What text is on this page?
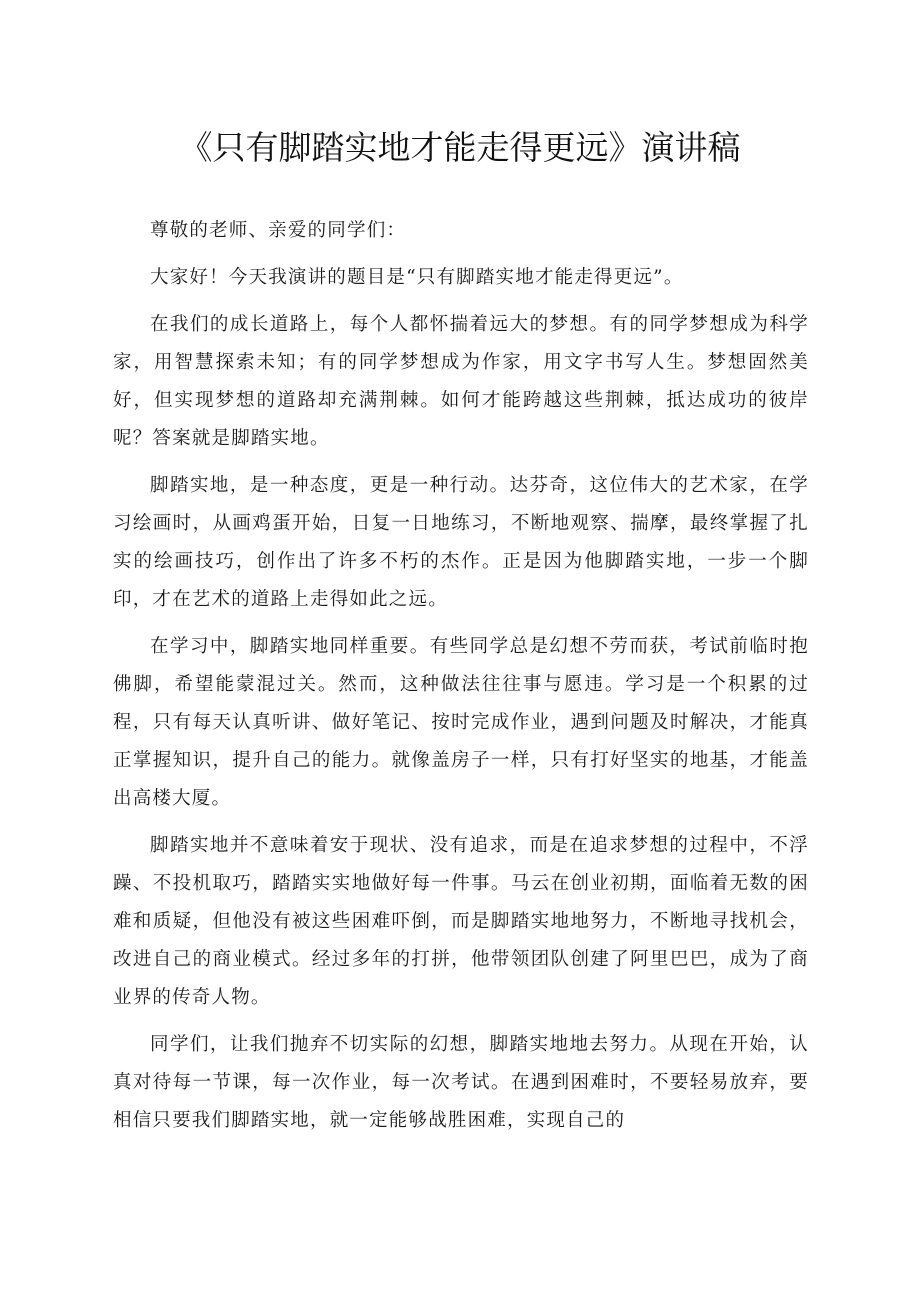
《只有脚踏实地才能走得更远》演讲稿

尊敬的老师、亲爱的同学们：

大家好！今天我演讲的题目是“只有脚踏实地才能走得更远”。

在我们的成长道路上，每个人都怀揣着远大的梦想。有的同学梦想成为科学家，用智慧探索未知；有的同学梦想成为作家，用文字书写人生。梦想固然美好，但实现梦想的道路却充满荆棘。如何才能跨越这些荆棘，抵达成功的彼岸呢？答案就是脚踏实地。

脚踏实地，是一种态度，更是一种行动。达芬奇，这位伟大的艺术家，在学习绘画时，从画鸡蛋开始，日复一日地练习，不断地观察、揣摩，最终掌握了扎实的绘画技巧，创作出了许多不朽的杰作。正是因为他脚踏实地，一步一个脚印，才在艺术的道路上走得如此之远。

在学习中，脚踏实地同样重要。有些同学总是幻想不劳而获，考试前临时抱佛脚，希望能蒙混过关。然而，这种做法往往事与愿违。学习是一个积累的过程，只有每天认真听讲、做好笔记、按时完成作业，遇到问题及时解决，才能真正掌握知识，提升自己的能力。就像盖房子一样，只有打好坚实的地基，才能盖出高楼大厦。

脚踏实地并不意味着安于现状、没有追求，而是在追求梦想的过程中，不浮躁、不投机取巧，踏踏实实地做好每一件事。马云在创业初期，面临着无数的困难和质疑，但他没有被这些困难吓倒，而是脚踏实地地努力，不断地寻找机会，改进自己的商业模式。经过多年的打拼，他带领团队创建了阿里巴巴，成为了商业界的传奇人物。

同学们，让我们抛弃不切实际的幻想，脚踏实地地去努力。从现在开始，认真对待每一节课，每一次作业，每一次考试。在遇到困难时，不要轻易放弃，要相信只要我们脚踏实地，就一定能够战胜困难，实现自己的
